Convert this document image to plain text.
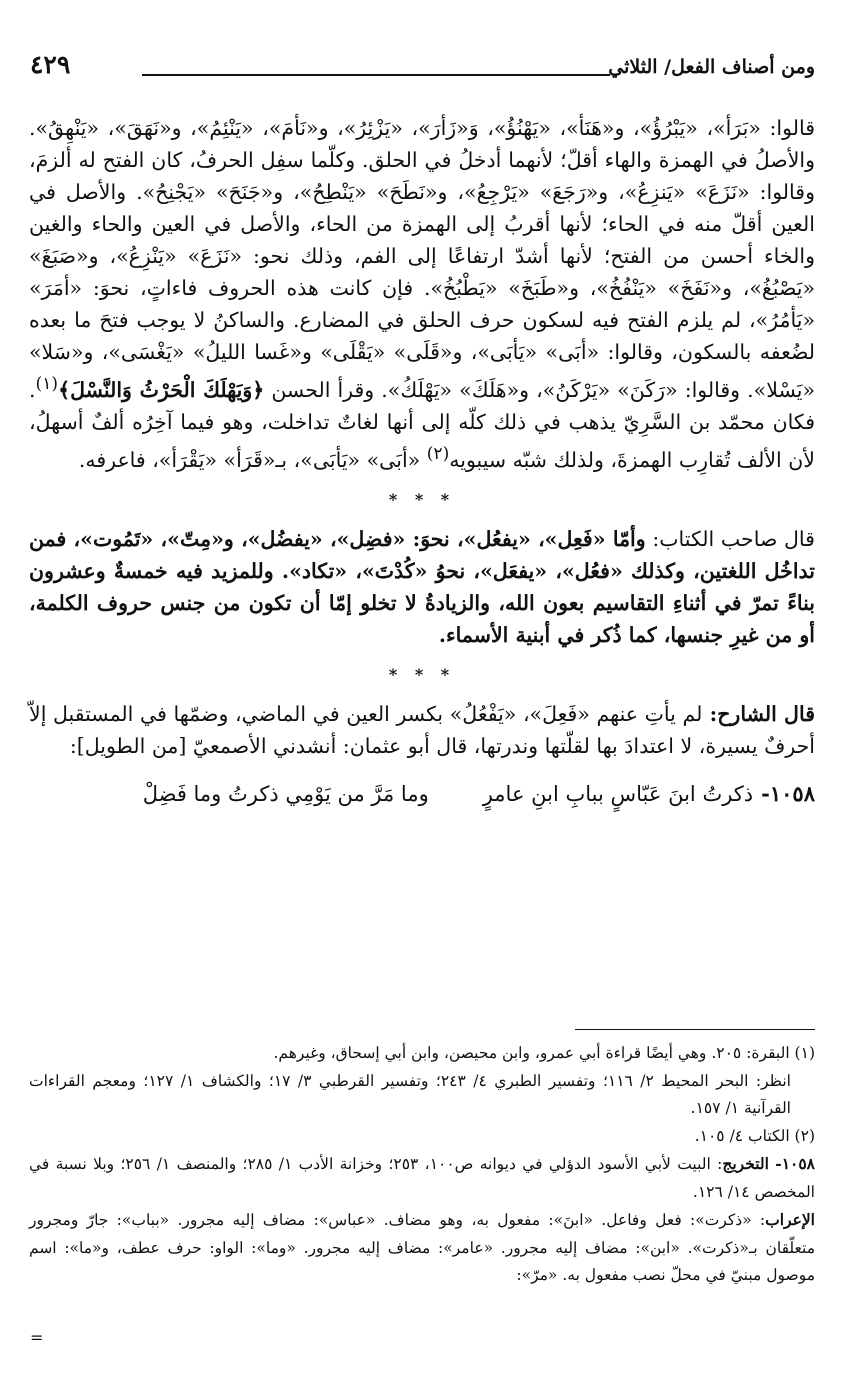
ومن أصناف الفعل/ الثلاثي
٤٢٩

قالوا: «بَرَأ»، «يَبْرُؤُ»، و«هَنَأ»، «يَهْنُؤُ»، وَ«زَأرَ»، «يَزْئِرُ»، و«نَأمَ»، «يَنْئِمُ»، و«نَهَقَ»، «يَنْهِقُ». والأصلُ في الهمزة والهاء أقلّ؛ لأنهما أدخلُ في الحلق. وكلّما سفِل الحرفُ، كان الفتح له ألزمَ، وقالوا: «نَزَعَ» «يَنزِعُ»، و«رَجَعَ» «يَرْجِعُ»، و«نَطَحَ» «يَنْطِحُ»، و«جَنَحَ» «يَجْنِحُ». والأصل في العين أقلّ منه في الحاء؛ لأنها أقربُ إلى الهمزة من الحاء، والأصل في العين والحاء والغين والخاء أحسن من الفتح؛ لأنها أشدّ ارتفاعًا إلى الفم، وذلك نحو: «نَزَعَ» «يَنْزِعُ»، و«صَبَغَ» «يَصْبُغُ»، و«نَفَخَ» «يَنْفُخُ»، و«طَبَخَ» «يَطْبُخُ». فإن كانت هذه الحروف فاءاتٍ، نحوَ: «أمَرَ» «يَأمُرُ»، لم يلزم الفتح فيه لسكون حرف الحلق في المضارع. والساكنُ لا يوجب فتحَ ما بعده لضُعفه بالسكون، وقالوا: «أبَى» «يَأبَى»، و«قَلَى» «يَقْلَى» و«غَسا الليلُ» «يَغْسَى»، و«سَلا» «يَسْلا». وقالوا: «رَكَنَ» «يَرْكَنُ»، و«هَلَكَ» «يَهْلَكُ». وقرأ الحسن ﴿وَيَهْلَكَ الْحَرْثُ وَالنَّسْلَ﴾$^{(١)}$. فكان محمّد بن السَّرِيّ يذهب في ذلك كلّه إلى أنها لغاتٌ تداخلت، وهو فيما آخِرُه ألفٌ أسهلُ، لأن الألف تُقارِب الهمزةَ، ولذلك شبّه سيبويه$^{(٢)}$ «أبَى» «يَأبَى»، بـ«قَرَأ» «يَقْرَأ»، فاعرفه.

* * *

قال صاحب الكتاب: وأمّا «فَعِل»، «يفعُل»، نحوَ: «فضِل»، «يفضُل»، و«مِتّ»، «تَمُوت»، فمن تداخُل اللغتين، وكذلك «فعُل»، «يفعَل»، نحوُ «كُدْتَ»، «تكاد». وللمزيد فيه خمسةٌ وعشرون بناءً تمرّ في أثناءِ التقاسيم بعون الله، والزيادةُ لا تخلو إمّا أن تكون من جنس حروف الكلمة، أو من غيرِ جنسها، كما ذُكر في أبنية الأسماء.

* * *

قال الشارح: لم يأتِ عنهم «فَعِلَ»، «يَفْعُلُ» بكسر العين في الماضي، وضمّها في المستقبل إلاّ أحرفٌ يسيرة، لا اعتدادَ بها لقلّتها وندرتها، قال أبو عثمان: أنشدني الأصمعيّ [من الطويل]:

١٠٥٨-
ذكرتُ ابنَ عَبّاسٍ ببابِ ابنِ عامرٍ
وما مَرَّ من يَوْمِي ذكرتُ وما فَضِلْ

(١) البقرة: ٢٠٥. وهي أيضًا قراءة أبي عمرو، وابن محيصن، وابن أبي إسحاق، وغيرهم.

انظر: البحر المحيط ٢/ ١١٦؛ وتفسير الطبري ٤/ ٢٤٣؛ وتفسير القرطبي ٣/ ١٧؛ والكشاف ١/ ١٢٧؛ ومعجم القراءات القرآنية ١/ ١٥٧.

(٢) الكتاب ٤/ ١٠٥.

١٠٥٨- التخريج: البيت لأبي الأسود الدؤلي في ديوانه ص١٠٠، ٢٥٣؛ وخزانة الأدب ١/ ٢٨٥؛ والمنصف ١/ ٢٥٦؛ وبلا نسبة في المخصص ١٤/ ١٢٦.

الإعراب: «ذكرت»: فعل وفاعل. «ابنَ»: مفعول به، وهو مضاف. «عباس»: مضاف إليه مجرور. «بباب»: جارّ ومجرور متعلّقان بـ«ذكرت». «ابن»: مضاف إليه مجرور. «عامر»: مضاف إليه مجرور. «وما»: الواو: حرف عطف، و«ما»: اسم موصول مبنيّ في محلّ نصب مفعول به. «مرّ»:

=
